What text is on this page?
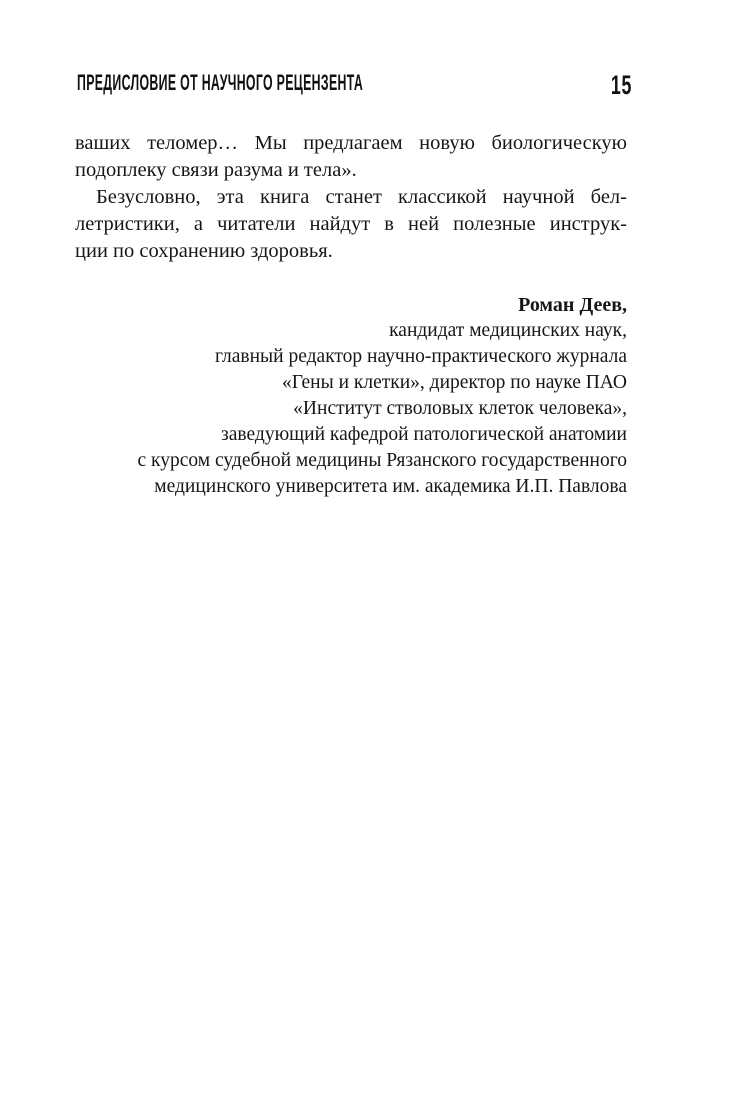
ПРЕДИСЛОВИЕ ОТ НАУЧНОГО РЕЦЕНЗЕНТА	15
ваших теломер… Мы предлагаем новую биологическую
подоплеку связи разума и тела».
Безусловно, эта книга станет классикой научной бел-
летристики, а читатели найдут в ней полезные инструк-
ции по сохранению здоровья.
Роман Деев,
кандидат медицинских наук,
главный редактор научно-практического журнала
«Гены и клетки», директор по науке ПАО
«Институт стволовых клеток человека»,
заведующий кафедрой патологической анатомии
с курсом судебной медицины Рязанского государственного
медицинского университета им. академика И.П. Павлова
